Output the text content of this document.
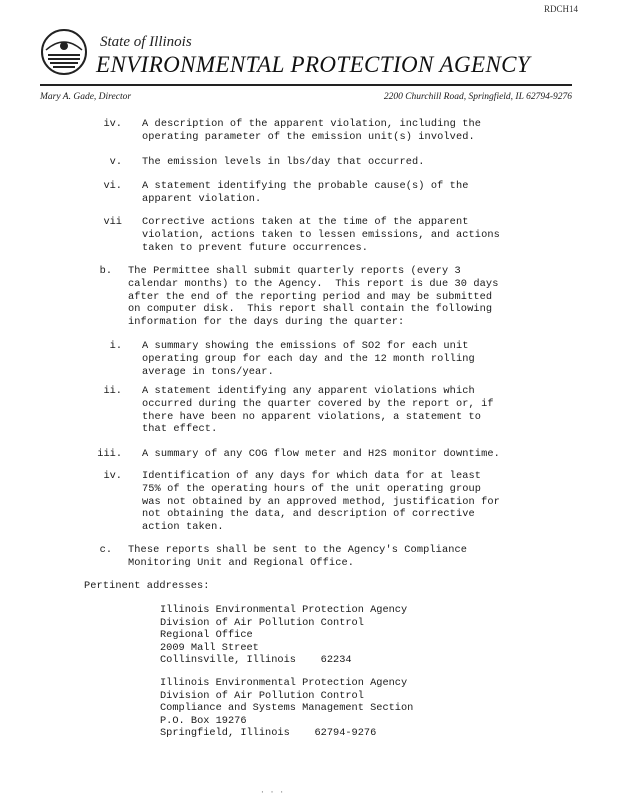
RDCH14
State of Illinois
ENVIRONMENTAL PROTECTION AGENCY
Mary A. Gade, Director	2200 Churchill Road, Springfield, IL 62794-9276
iv. A description of the apparent violation, including the
operating parameter of the emission unit(s) involved.
v. The emission levels in lbs/day that occurred.
vi. A statement identifying the probable cause(s) of the
apparent violation.
vii Corrective actions taken at the time of the apparent
violation, actions taken to lessen emissions, and actions
taken to prevent future occurrences.
b. The Permittee shall submit quarterly reports (every 3
calendar months) to the Agency.  This report is due 30 days
after the end of the reporting period and may be submitted
on computer disk.  This report shall contain the following
information for the days during the quarter:
i. A summary showing the emissions of SO2 for each unit
operating group for each day and the 12 month rolling
average in tons/year.
ii. A statement identifying any apparent violations which
occurred during the quarter covered by the report or, if
there have been no apparent violations, a statement to
that effect.
iii. A summary of any COG flow meter and H2S monitor downtime.
iv. Identification of any days for which data for at least
75% of the operating hours of the unit operating group
was not obtained by an approved method, justification for
not obtaining the data, and description of corrective
action taken.
c. These reports shall be sent to the Agency's Compliance
Monitoring Unit and Regional Office.
Pertinent addresses:
Illinois Environmental Protection Agency
Division of Air Pollution Control
Regional Office
2009 Mall Street
Collinsville, Illinois    62234
Illinois Environmental Protection Agency
Division of Air Pollution Control
Compliance and Systems Management Section
P.O. Box 19276
Springfield, Illinois    62794-9276
· · ·
